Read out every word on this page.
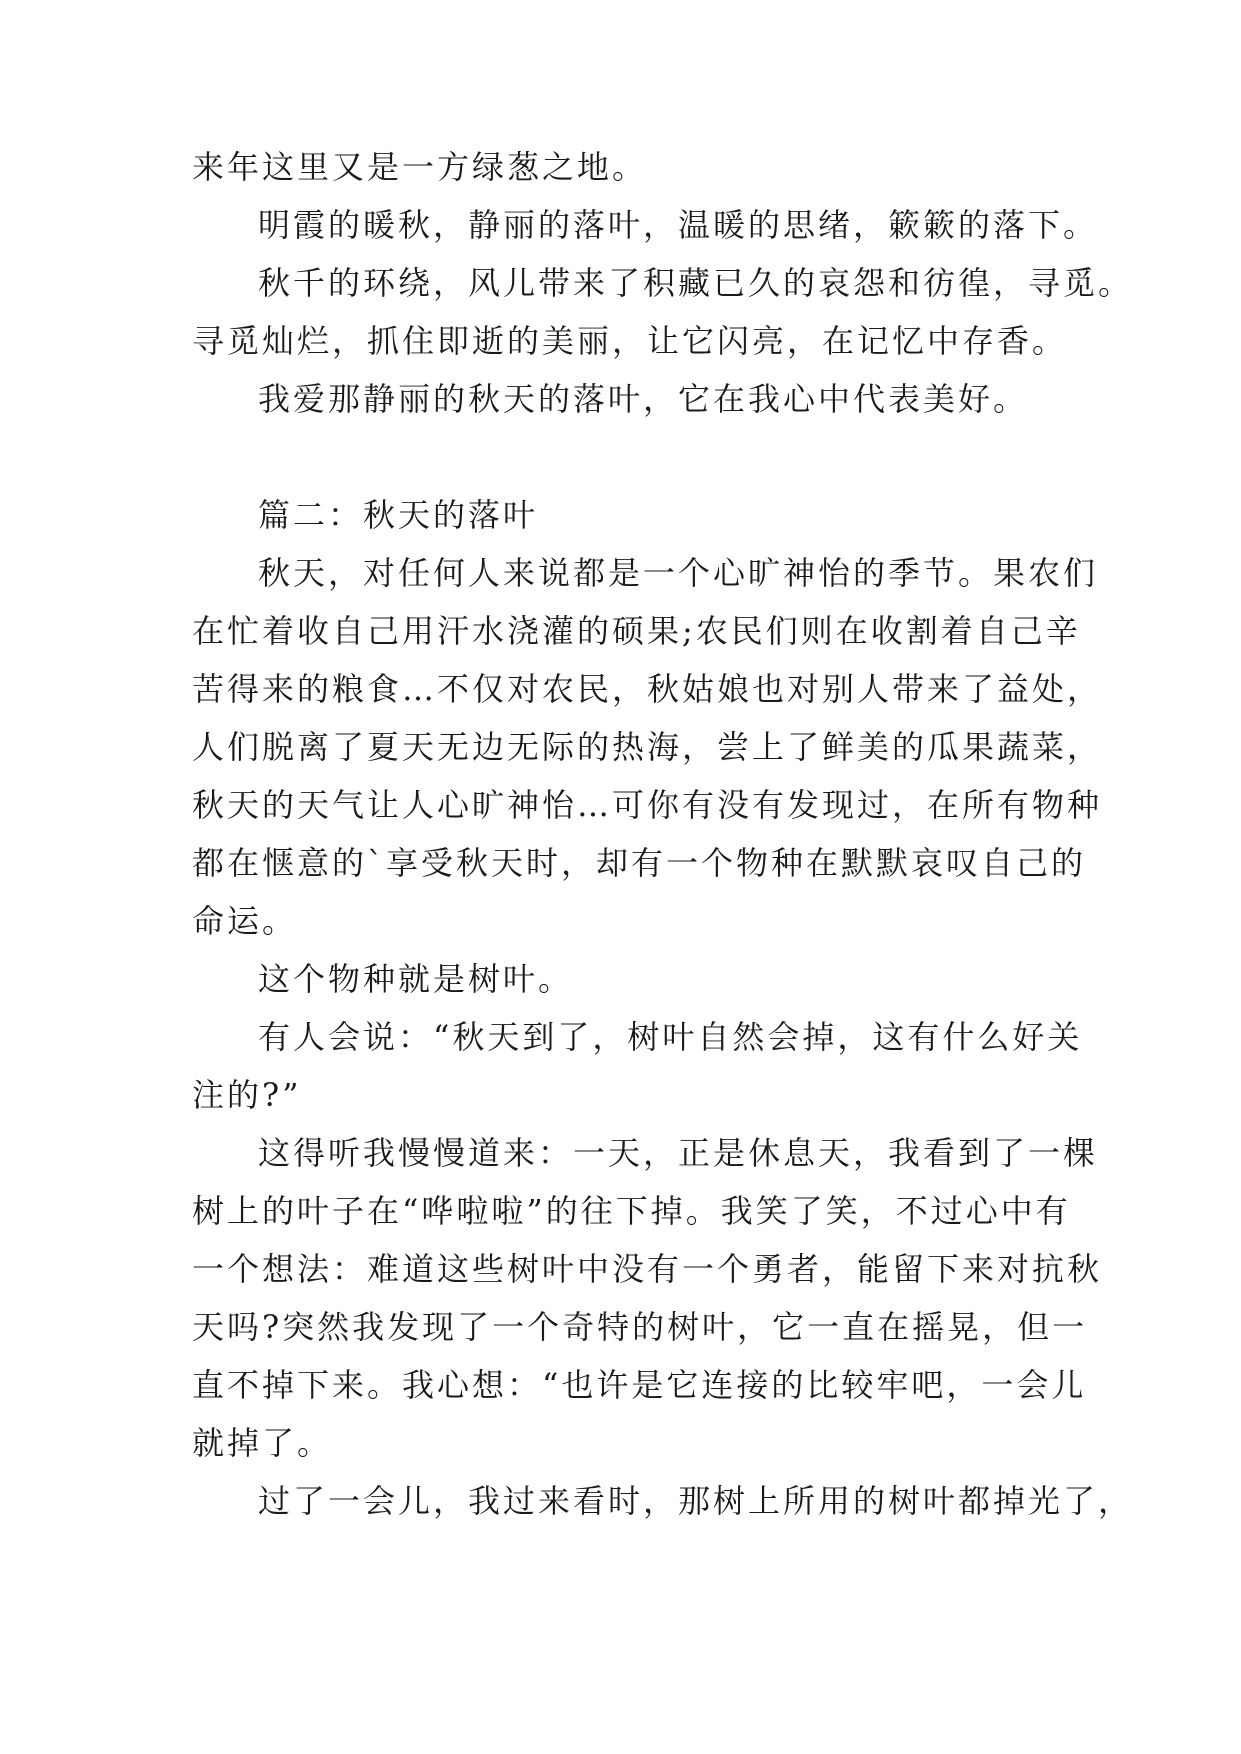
来年这里又是一方绿葱之地。
明霞的暖秋，静丽的落叶，温暖的思绪，簌簌的落下。
秋千的环绕，风儿带来了积藏已久的哀怨和彷徨，寻觅。
寻觅灿烂，抓住即逝的美丽，让它闪亮，在记忆中存香。
我爱那静丽的秋天的落叶，它在我心中代表美好。
篇二：秋天的落叶
秋天，对任何人来说都是一个心旷神怡的季节。果农们
在忙着收自己用汗水浇灌的硕果;农民们则在收割着自己辛
苦得来的粮食…不仅对农民，秋姑娘也对别人带来了益处，
人们脱离了夏天无边无际的热海，尝上了鲜美的瓜果蔬菜，
秋天的天气让人心旷神怡…可你有没有发现过，在所有物种
都在惬意的`享受秋天时，却有一个物种在默默哀叹自己的
命运。
这个物种就是树叶。
有人会说：“秋天到了，树叶自然会掉，这有什么好关
注的?”
这得听我慢慢道来：一天，正是休息天，我看到了一棵
树上的叶子在“哗啦啦”的往下掉。我笑了笑，不过心中有
一个想法：难道这些树叶中没有一个勇者，能留下来对抗秋
天吗?突然我发现了一个奇特的树叶，它一直在摇晃，但一
直不掉下来。我心想：“也许是它连接的比较牢吧，一会儿
就掉了。
过了一会儿，我过来看时，那树上所用的树叶都掉光了，
